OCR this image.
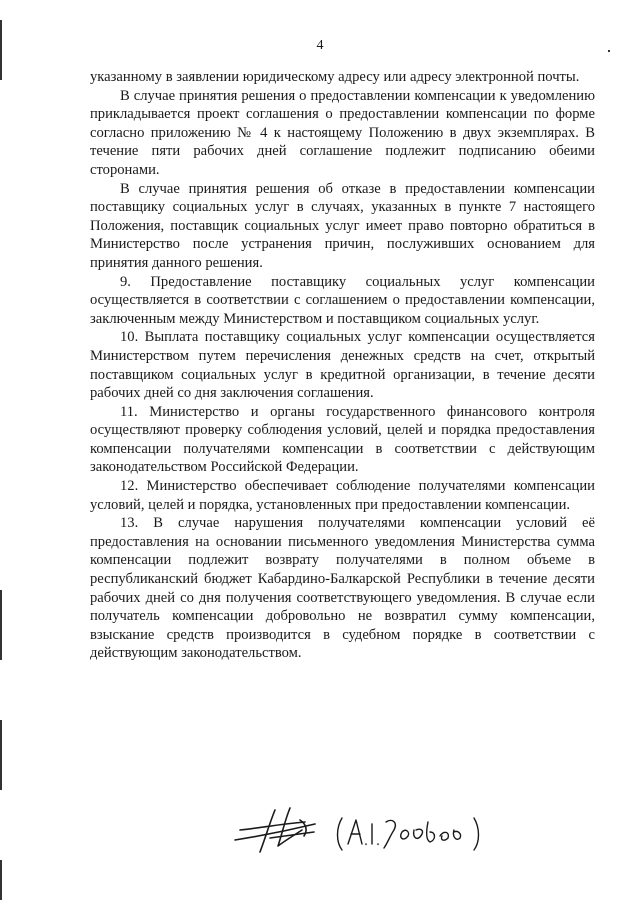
4

указанному в заявлении юридическому адресу или адресу электронной почты.

В случае принятия решения о предоставлении компенсации к уведомлению прикладывается проект соглашения о предоставлении компенсации по форме согласно приложению № 4 к настоящему Положению в двух экземплярах. В течение пяти рабочих дней соглашение подлежит подписанию обеими сторонами.

В случае принятия решения об отказе в предоставлении компенсации поставщику социальных услуг в случаях, указанных в пункте 7 настоящего Положения, поставщик социальных услуг имеет право повторно обратиться в Министерство после устранения причин, послуживших основанием для принятия данного решения.

9. Предоставление поставщику социальных услуг компенсации осуществляется в соответствии с соглашением о предоставлении компенсации, заключенным между Министерством и поставщиком социальных услуг.

10. Выплата поставщику социальных услуг компенсации осуществляется Министерством путем перечисления денежных средств на счет, открытый поставщиком социальных услуг в кредитной организации, в течение десяти рабочих дней со дня заключения соглашения.

11. Министерство и органы государственного финансового контроля осуществляют проверку соблюдения условий, целей и порядка предоставления компенсации получателями компенсации в соответствии с действующим законодательством Российской Федерации.

12. Министерство обеспечивает соблюдение получателями компенсации условий, целей и порядка, установленных при предоставлении компенсации.

13. В случае нарушения получателями компенсации условий её предоставления на основании письменного уведомления Министерства сумма компенсации подлежит возврату получателями в полном объеме в республиканский бюджет Кабардино-Балкарской Республики в течение десяти рабочих дней со дня получения соответствующего уведомления. В случае если получатель компенсации добровольно не возвратил сумму компенсации, взыскание средств производится в судебном порядке в соответствии с действующим законодательством.
